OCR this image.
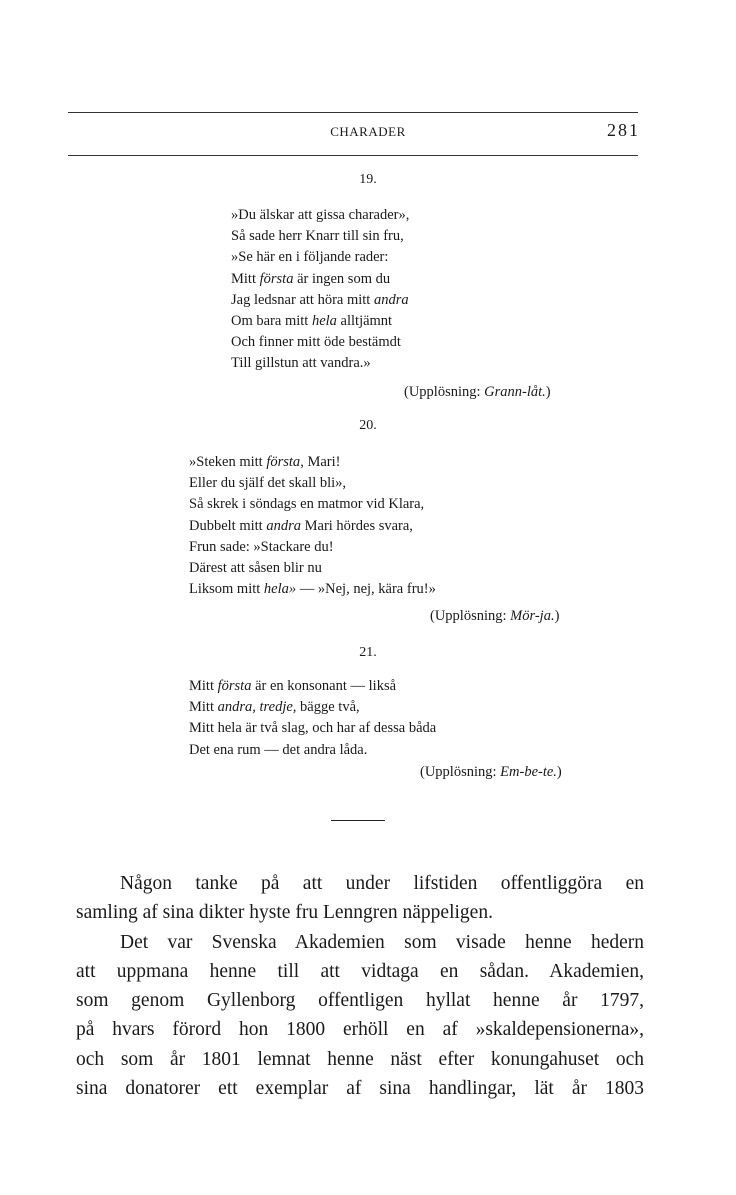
CHARADER	281
19.
»Du älskar att gissa charader»,
Så sade herr Knarr till sin fru,
»Se här en i följande rader:
Mitt första är ingen som du
Jag ledsnar att höra mitt andra
Om bara mitt hela alltjämnt
Och finner mitt öde bestämdt
Till gillstun att vandra.»
(Upplösning: Grann-låt.)
20.
»Steken mitt första, Mari!
Eller du själf det skall bli»,
Så skrek i söndags en matmor vid Klara,
Dubbelt mitt andra Mari hördes svara,
Frun sade: »Stackare du!
Därest att såsen blir nu
Liksom mitt hela» — »Nej, nej, kära fru!»
(Upplösning: Mör-ja.)
21.
Mitt första är en konsonant — likså
Mitt andra, tredje, bägge två,
Mitt hela är två slag, och har af dessa båda
Det ena rum — det andra låda.
(Upplösning: Em-be-te.)

Någon tanke på att under lifstiden offentliggöra en
samling af sina dikter hyste fru Lenngren näppeligen.

Det var Svenska Akademien som visade henne hedern
att uppmana henne till att vidtaga en sådan. Akademien,
som genom Gyllenborg offentligen hyllat henne år 1797,
på hvars förord hon 1800 erhöll en af »skaldepensionerna»,
och som år 1801 lemnat henne näst efter konungahuset och
sina donatorer ett exemplar af sina handlingar, lät år 1803
